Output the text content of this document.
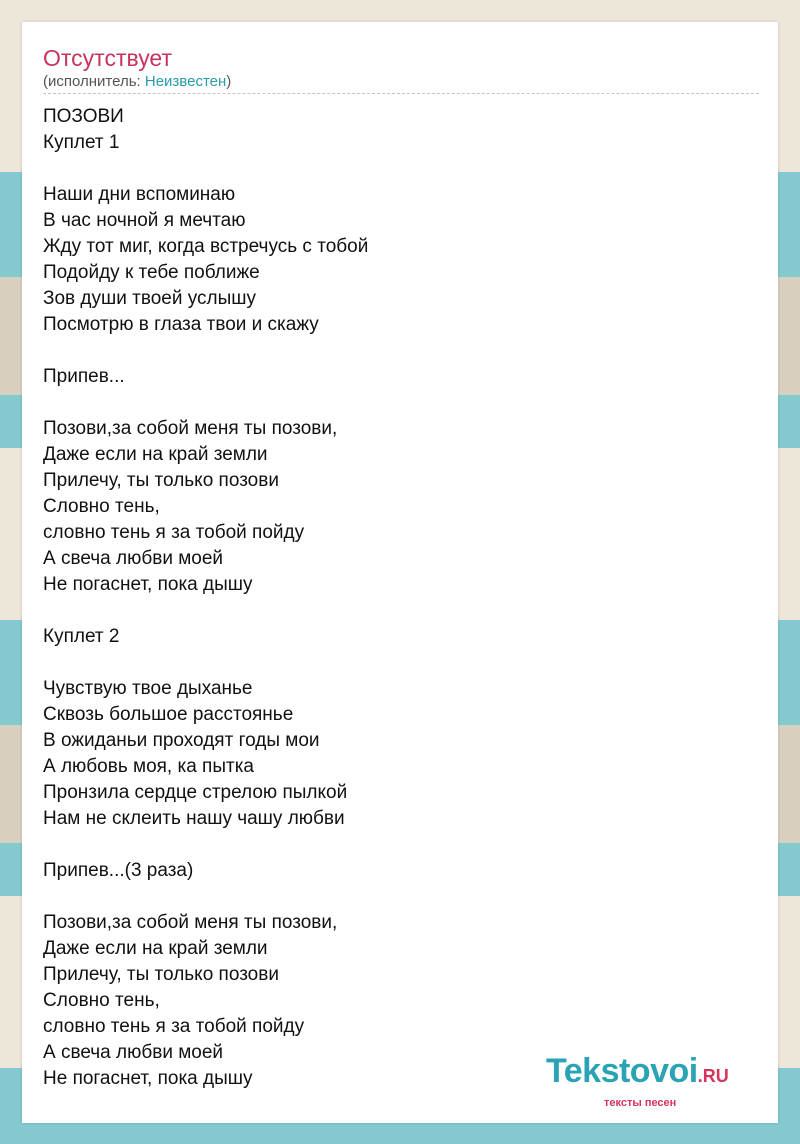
Отсутствует
(исполнитель: Неизвестен)
ПОЗОВИ
Куплет 1
Наши дни вспоминаю
В час ночной я мечтаю
Жду тот миг, когда встречусь с тобой
Подойду к тебе поближе
Зов души твоей услышу
Посмотрю в глаза твои и скажу
Припев...
Позови,за собой меня ты позови,
Даже если на край земли
Прилечу, ты только позови
Словно тень,
словно тень я за тобой пойду
А свеча любви моей
Не погаснет, пока дышу
Куплет 2
Чувствую твое дыханье
Сквозь большое расстоянье
В ожиданьи проходят годы мои
А любовь моя, ка пытка
Пронзила сердце стрелою пылкой
Нам не склеить нашу чашу любви
Припев...(3 раза)
Позови,за собой меня ты позови,
Даже если на край земли
Прилечу, ты только позови
Словно тень,
словно тень я за тобой пойду
А свеча любви моей
Не погаснет, пока дышу	Tekstovoi.RU
тексты песен
